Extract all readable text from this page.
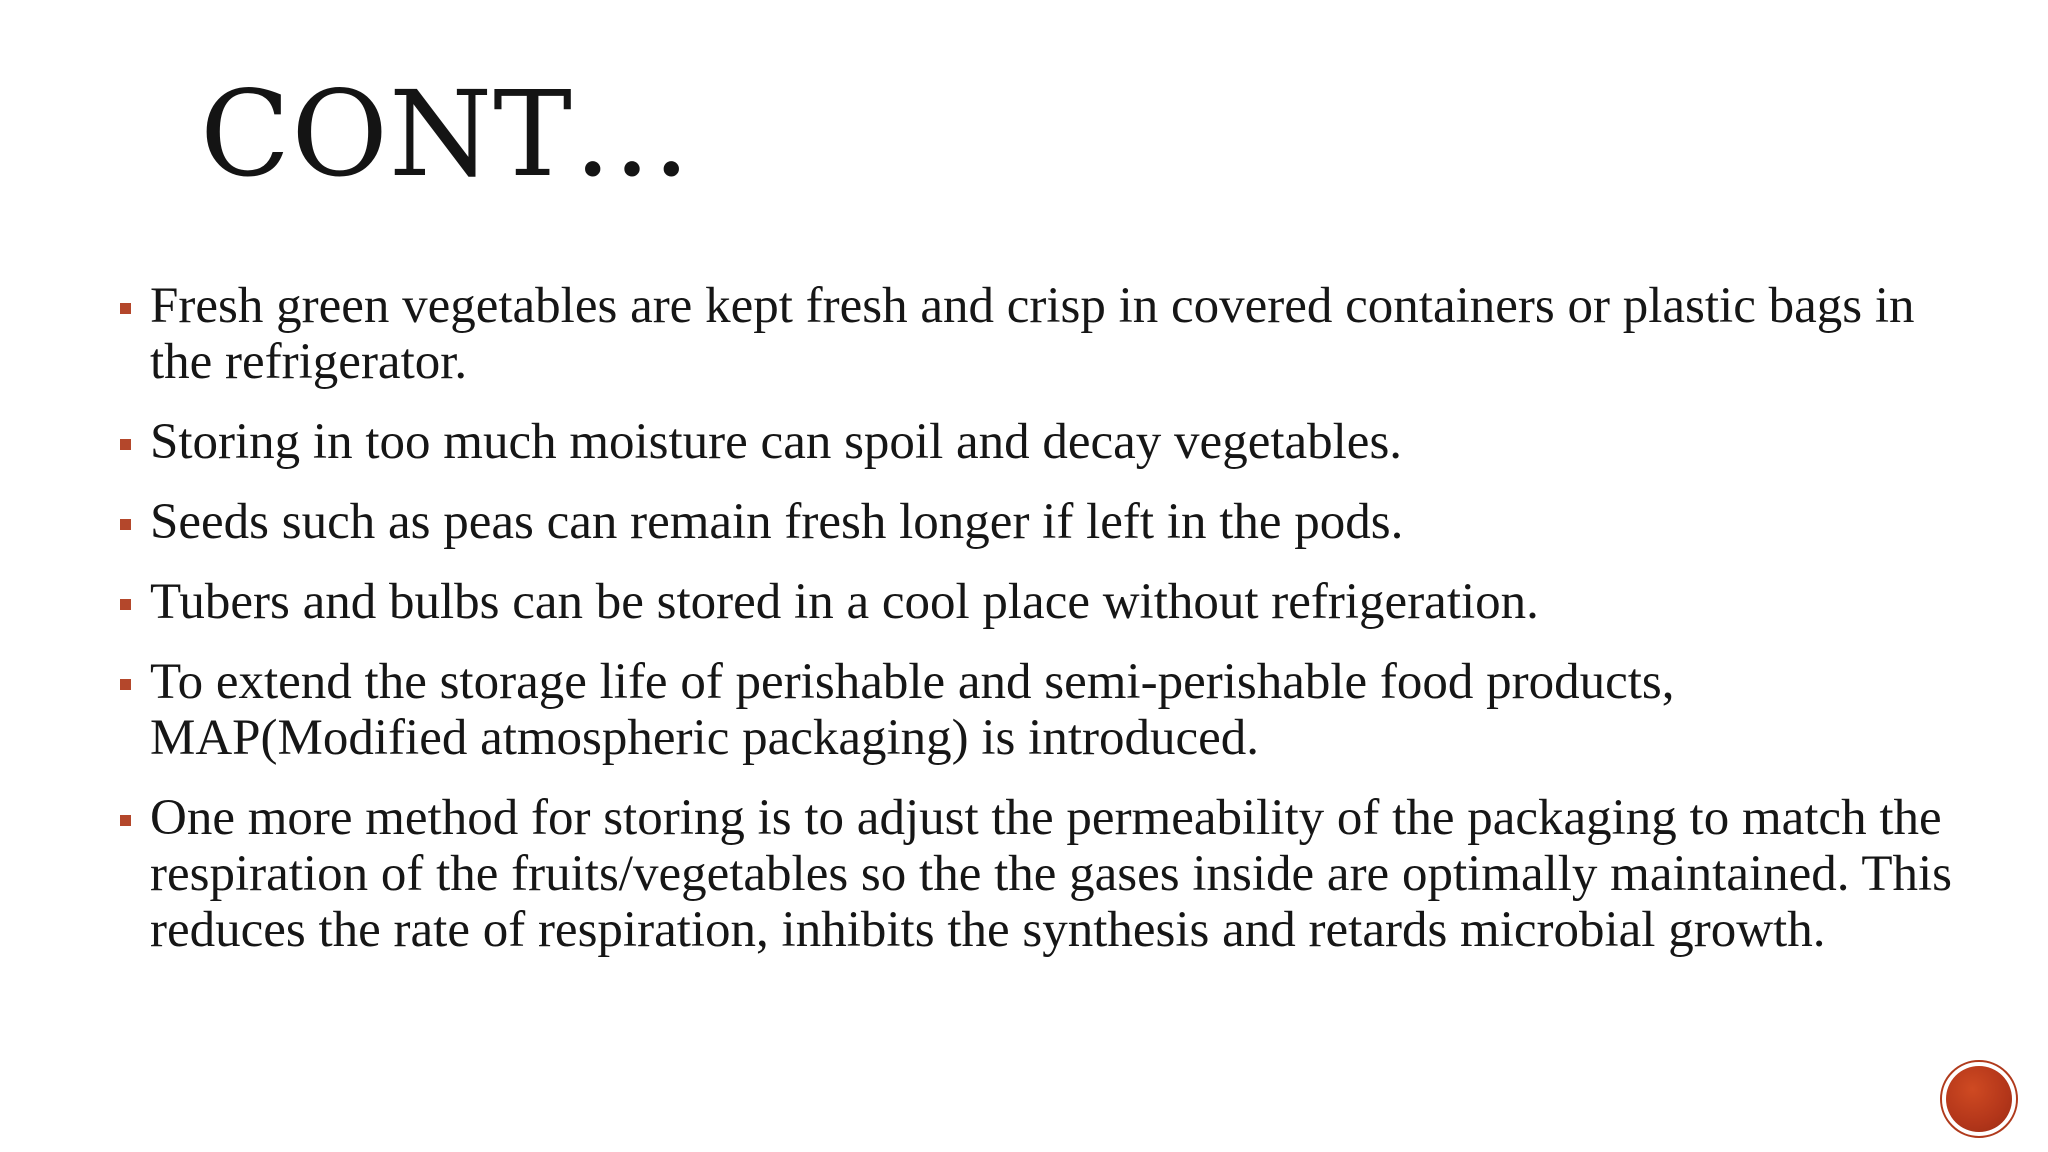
CONT…
Fresh green vegetables are kept fresh and crisp in covered containers or plastic bags in the refrigerator.
Storing in too much moisture can spoil and decay vegetables.
Seeds such as peas can remain fresh longer if left in the pods.
Tubers and bulbs can be stored in a cool place without refrigeration.
To extend the storage life of perishable and semi-perishable food products, MAP(Modified atmospheric packaging) is introduced.
One more method for storing is to adjust the permeability of the packaging to match the respiration of the fruits/vegetables so the the gases inside are optimally maintained. This reduces the rate of respiration, inhibits the synthesis and retards microbial growth.
